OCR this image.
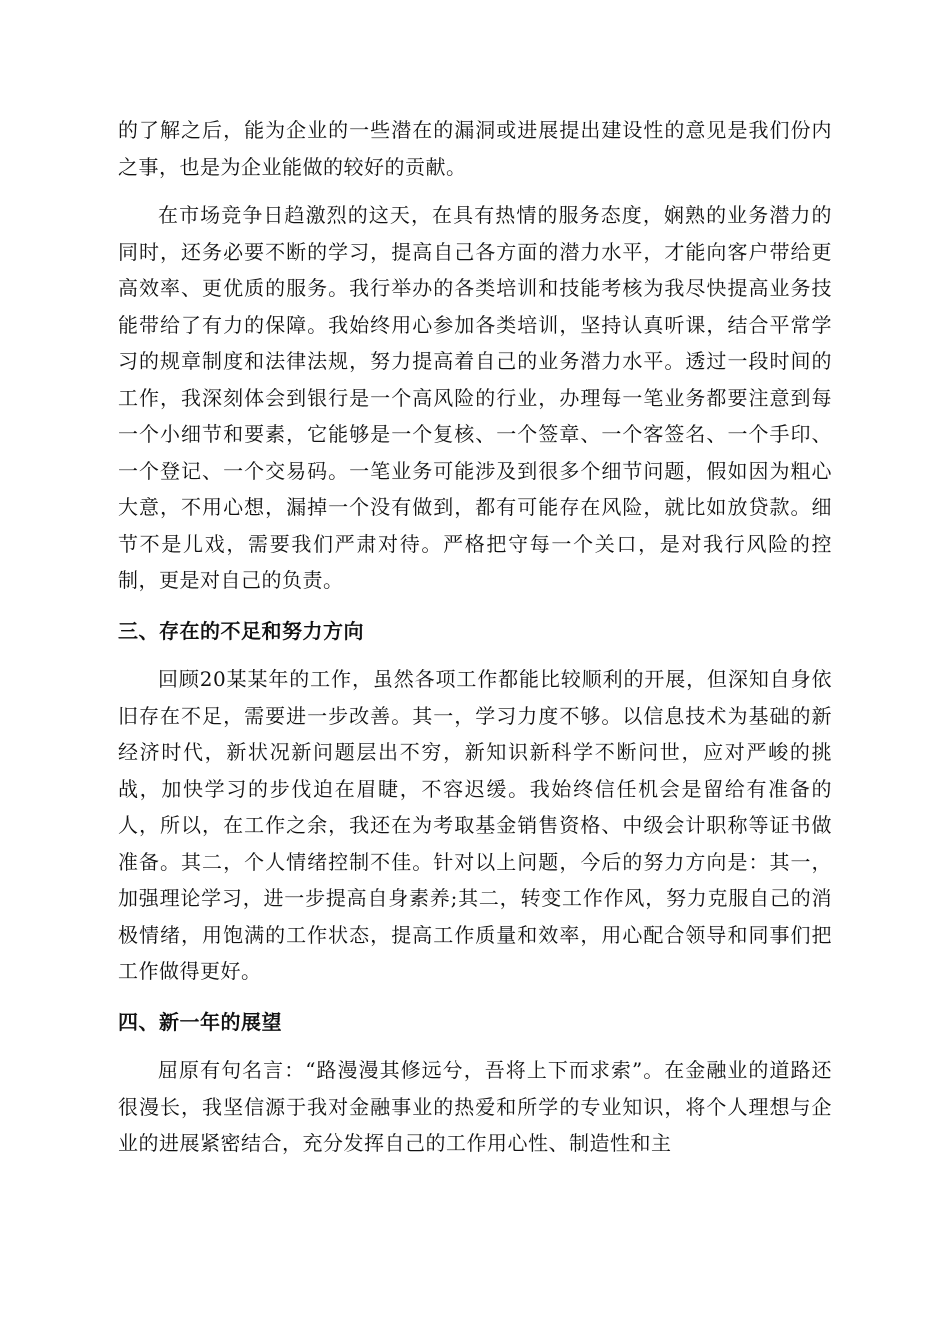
的了解之后，能为企业的一些潜在的漏洞或进展提出建设性的意见是我们份内之事，也是为企业能做的较好的贡献。

在市场竞争日趋激烈的这天，在具有热情的服务态度，娴熟的业务潜力的同时，还务必要不断的学习，提高自己各方面的潜力水平，才能向客户带给更高效率、更优质的服务。我行举办的各类培训和技能考核为我尽快提高业务技能带给了有力的保障。我始终用心参加各类培训，坚持认真听课，结合平常学习的规章制度和法律法规，努力提高着自己的业务潜力水平。透过一段时间的工作，我深刻体会到银行是一个高风险的行业，办理每一笔业务都要注意到每一个小细节和要素，它能够是一个复核、一个签章、一个客签名、一个手印、一个登记、一个交易码。一笔业务可能涉及到很多个细节问题，假如因为粗心大意，不用心想，漏掉一个没有做到，都有可能存在风险，就比如放贷款。细节不是儿戏，需要我们严肃对待。严格把守每一个关口，是对我行风险的控制，更是对自己的负责。

三、存在的不足和努力方向

回顾20某某年的工作，虽然各项工作都能比较顺利的开展，但深知自身依旧存在不足，需要进一步改善。其一，学习力度不够。以信息技术为基础的新经济时代，新状况新问题层出不穷，新知识新科学不断问世，应对严峻的挑战，加快学习的步伐迫在眉睫，不容迟缓。我始终信任机会是留给有准备的人，所以，在工作之余，我还在为考取基金销售资格、中级会计职称等证书做准备。其二，个人情绪控制不佳。针对以上问题，今后的努力方向是：其一，加强理论学习，进一步提高自身素养;其二，转变工作作风，努力克服自己的消极情绪，用饱满的工作状态，提高工作质量和效率，用心配合领导和同事们把工作做得更好。

四、新一年的展望

屈原有句名言：“路漫漫其修远兮，吾将上下而求索”。在金融业的道路还很漫长，我坚信源于我对金融事业的热爱和所学的专业知识，将个人理想与企业的进展紧密结合，充分发挥自己的工作用心性、制造性和主
